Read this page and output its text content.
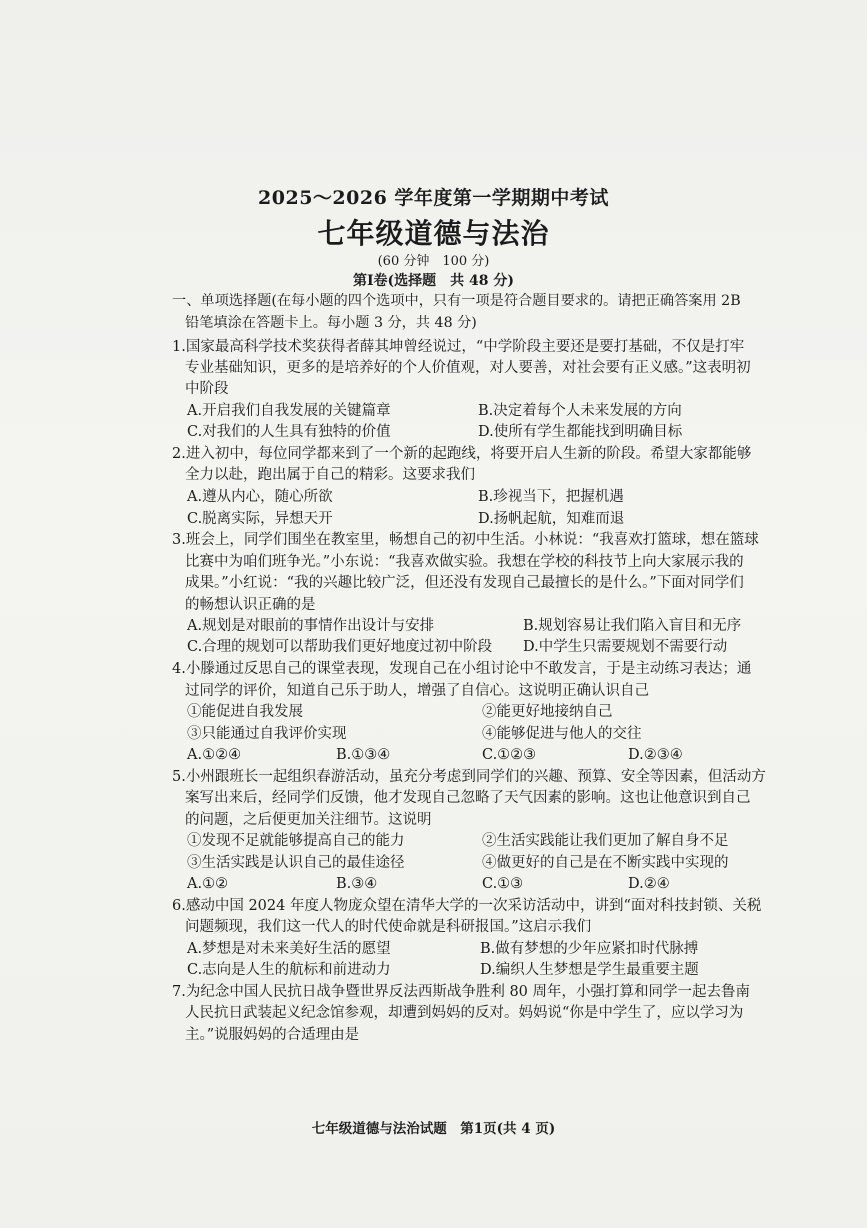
2025～2026 学年度第一学期期中考试
七年级道德与法治
(60 分钟　100 分)
第Ⅰ卷(选择题　共 48 分)
一、单项选择题(在每小题的四个选项中，只有一项是符合题目要求的。请把正确答案用 2B
铅笔填涂在答题卡上。每小题 3 分，共 48 分)
1.国家最高科学技术奖获得者薛其坤曾经说过，“中学阶段主要还是要打基础，不仅是打牢
专业基础知识，更多的是培养好的个人价值观，对人要善，对社会要有正义感。”这表明初
中阶段
A.开启我们自我发展的关键篇章	B.决定着每个人未来发展的方向
C.对我们的人生具有独特的价值	D.使所有学生都能找到明确目标
2.进入初中，每位同学都来到了一个新的起跑线，将要开启人生新的阶段。希望大家都能够
全力以赴，跑出属于自己的精彩。这要求我们
A.遵从内心，随心所欲	B.珍视当下，把握机遇
C.脱离实际，异想天开	D.扬帆起航，知难而退
3.班会上，同学们围坐在教室里，畅想自己的初中生活。小林说：“我喜欢打篮球，想在篮球
比赛中为咱们班争光。”小东说：“我喜欢做实验。我想在学校的科技节上向大家展示我的
成果。”小红说：“我的兴趣比较广泛，但还没有发现自己最擅长的是什么。”下面对同学们
的畅想认识正确的是
A.规划是对眼前的事情作出设计与安排	B.规划容易让我们陷入盲目和无序
C.合理的规划可以帮助我们更好地度过初中阶段 D.中学生只需要规划不需要行动
4.小滕通过反思自己的课堂表现，发现自己在小组讨论中不敢发言，于是主动练习表达；通
过同学的评价，知道自己乐于助人，增强了自信心。这说明正确认识自己
①能促进自我发展	②能更好地接纳自己
③只能通过自我评价实现	④能够促进与他人的交往
A.①②④	B.①③④	C.①②③	D.②③④
5.小州跟班长一起组织春游活动，虽充分考虑到同学们的兴趣、预算、安全等因素，但活动方
案写出来后，经同学们反馈，他才发现自己忽略了天气因素的影响。这也让他意识到自己
的问题，之后便更加关注细节。这说明
①发现不足就能够提高自己的能力	②生活实践能让我们更加了解自身不足
③生活实践是认识自己的最佳途径	④做更好的自己是在不断实践中实现的
A.①②	B.③④	C.①③	D.②④
6.感动中国 2024 年度人物庞众望在清华大学的一次采访活动中，讲到“面对科技封锁、关税
问题频现，我们这一代人的时代使命就是科研报国。”这启示我们
A.梦想是对未来美好生活的愿望	B.做有梦想的少年应紧扣时代脉搏
C.志向是人生的航标和前进动力	D.编织人生梦想是学生最重要主题
7.为纪念中国人民抗日战争暨世界反法西斯战争胜利 80 周年，小强打算和同学一起去鲁南
人民抗日武装起义纪念馆参观，却遭到妈妈的反对。妈妈说“你是中学生了，应以学习为
主。”说服妈妈的合适理由是
七年级道德与法治试题　第1页(共 4 页)
